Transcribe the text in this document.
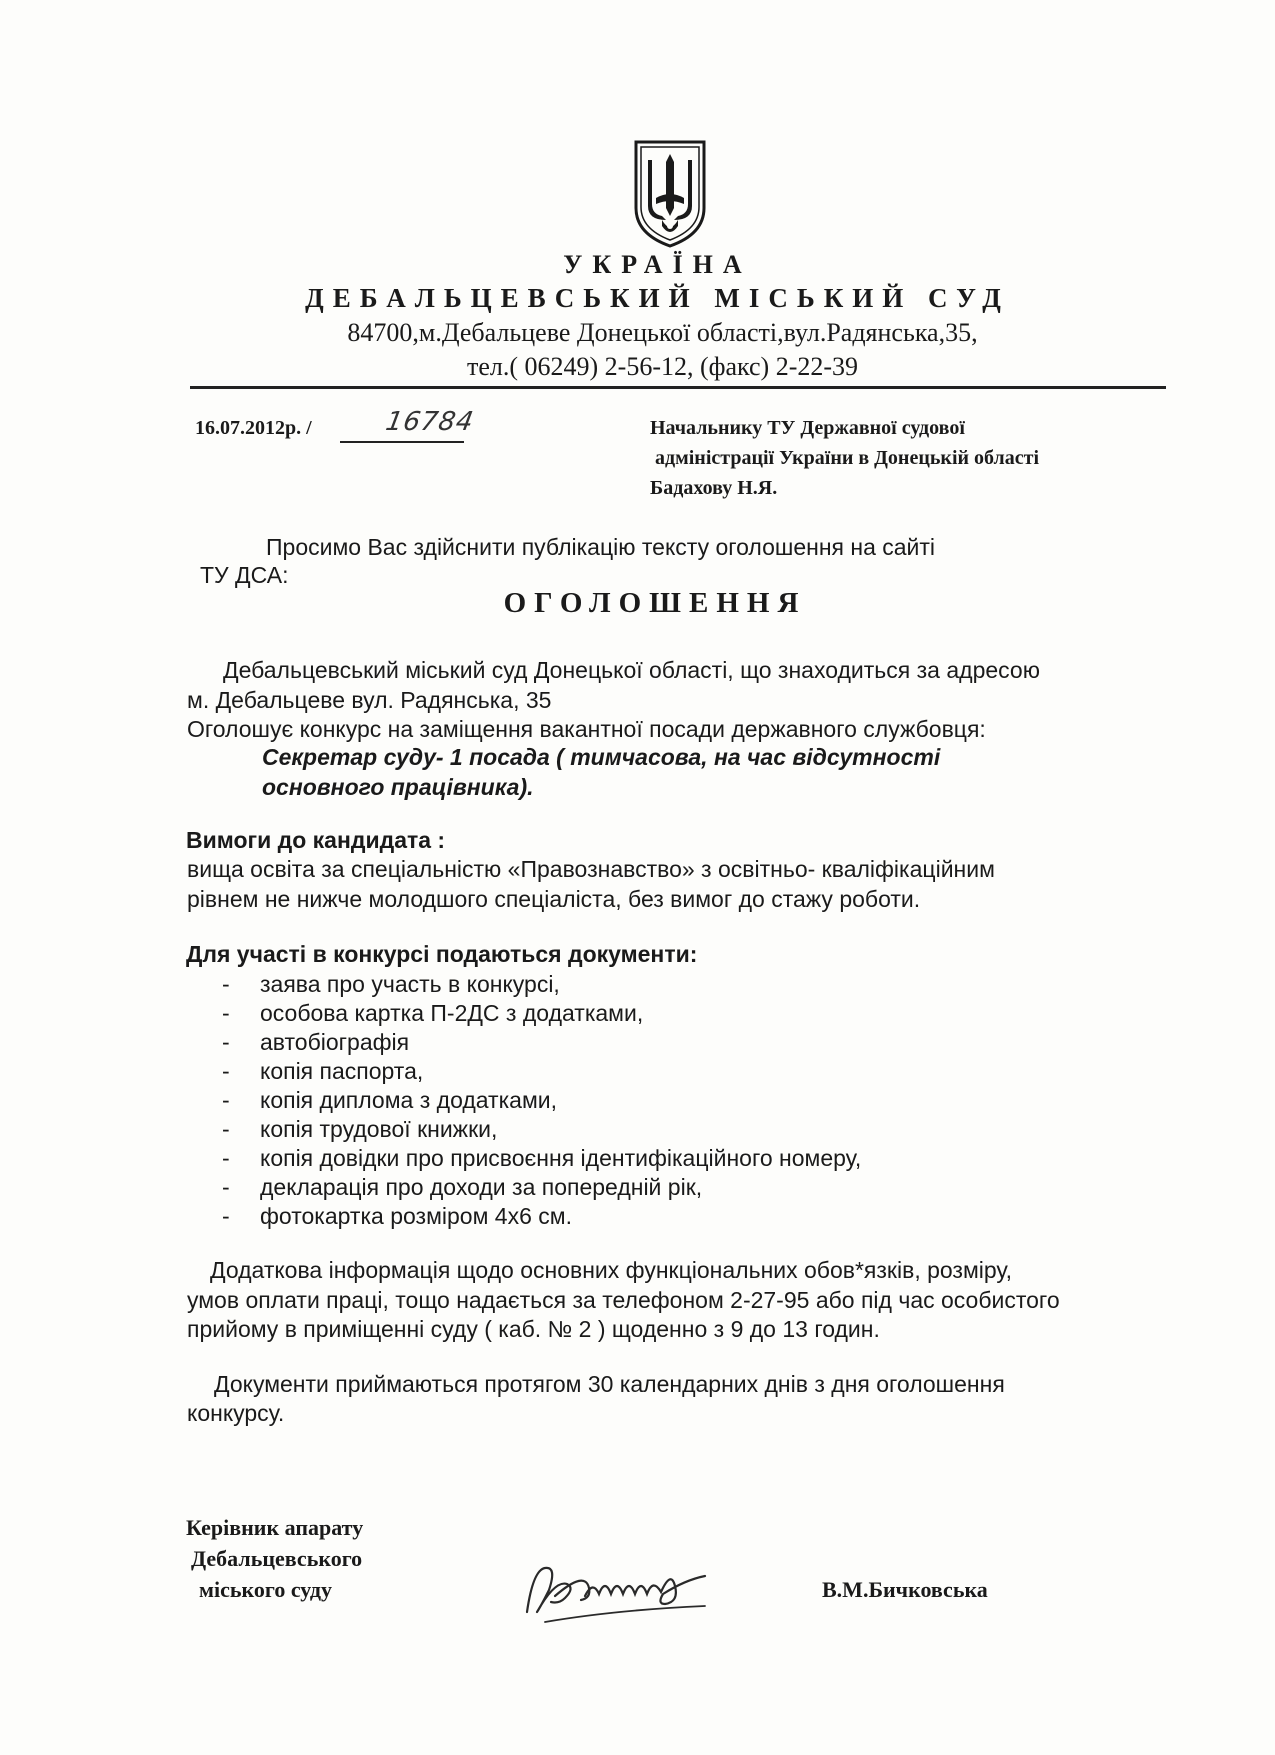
УКРАЇНА
ДЕБАЛЬЦЕВСЬКИЙ МІСЬКИЙ СУД
84700,м.Дебальцеве Донецької області,вул.Радянська,35,
тел.( 06249) 2-56-12, (факс) 2-22-39
16.07.2012р. /	16784	Начальнику ТУ Державної судової
адміністрації України в Донецькій області
Бадахову Н.Я.
Просимо Вас здійснити публікацію тексту оголошення на сайті
ТУ ДСА:
ОГОЛОШЕННЯ
Дебальцевський міський суд Донецької області, що знаходиться за адресою
м. Дебальцеве вул. Радянська, 35
Оголошує конкурс на заміщення вакантної посади державного службовця:
Секретар суду- 1 посада ( тимчасова, на час відсутності
основного працівника).
Вимоги до кандидата :
вища освіта за спеціальністю «Правознавство» з освітньо- кваліфікаційним
рівнем не нижче молодшого спеціаліста, без вимог до стажу роботи.
Для участі в конкурсі подаються документи:
- заява про участь в конкурсі,
- особова картка П-2ДС з додатками,
- автобіографія
- копія паспорта,
- копія диплома з додатками,
- копія трудової книжки,
- копія довідки про присвоєння ідентифікаційного номеру,
- декларація про доходи за попередній рік,
- фотокартка розміром 4х6 см.
Додаткова інформація щодо основних функціональних обов*язків, розміру,
умов оплати праці, тощо надається за телефоном 2-27-95 або під час особистого
прийому в приміщенні суду ( каб. № 2 ) щоденно з 9 до 13 годин.
Документи приймаються протягом 30 календарних днів з дня оголошення
конкурсу.
Керівник апарату
Дебальцевського
міського суду	В.М.Бичковська
